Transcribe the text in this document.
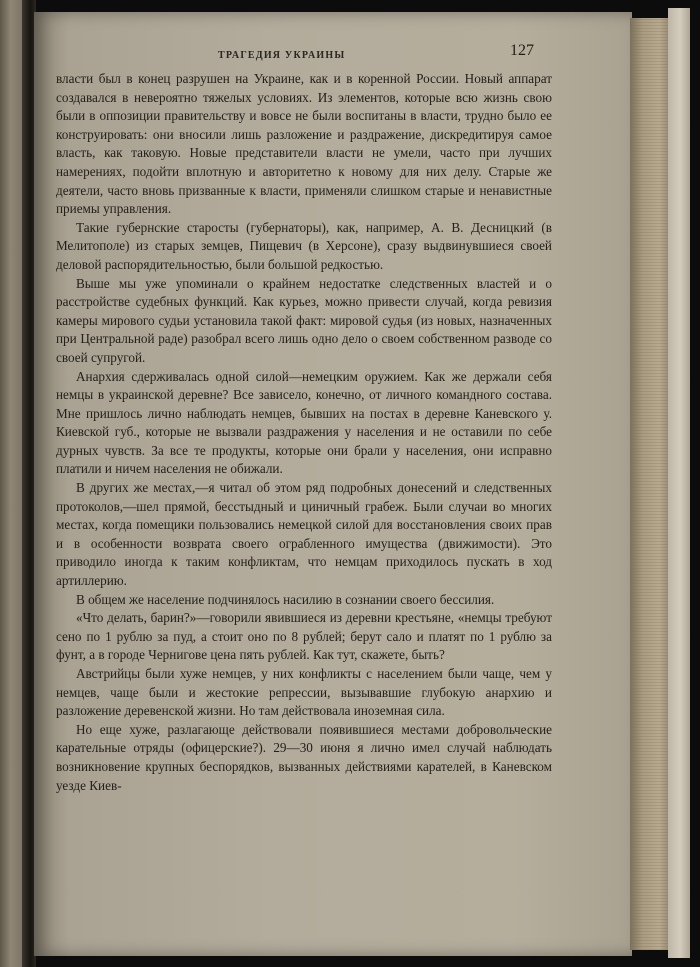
ТРАГЕДИЯ УКРАИНЫ	127

власти был в конец разрушен на Украине, как и в коренной России. Новый аппарат создавался в невероятно тяжелых условиях. Из элементов, которые всю жизнь свою были в оппозиции правительству и вовсе не были воспитаны в власти, трудно было ее конструировать: они вносили лишь разложение и раздражение, дискредитируя самое власть, как таковую. Новые представители власти не умели, часто при лучших намерениях, подойти вплотную и авторитетно к новому для них делу. Старые же деятели, часто вновь призванные к власти, применяли слишком старые и ненавистные приемы управления.

Такие губернские старосты (губернаторы), как, например, А. В. Десницкий (в Мелитополе) из старых земцев, Пищевич (в Херсоне), сразу выдвинувшиеся своей деловой распорядительностью, были большой редкостью.

Выше мы уже упоминали о крайнем недостатке следственных властей и о расстройстве судебных функций. Как курьез, можно привести случай, когда ревизия камеры мирового судьи установила такой факт: мировой судья (из новых, назначенных при Центральной раде) разобрал всего лишь одно дело о своем собственном разводе со своей супругой.

Анархия сдерживалась одной силой—немецким оружием. Как же держали себя немцы в украинской деревне? Все зависело, конечно, от личного командного состава. Мне пришлось лично наблюдать немцев, бывших на постах в деревне Каневского у. Киевской губ., которые не вызвали раздражения у населения и не оставили по себе дурных чувств. За все те продукты, которые они брали у населения, они исправно платили и ничем населения не обижали.

В других же местах,—я читал об этом ряд подробных донесений и следственных протоколов,—шел прямой, бесстыдный и циничный грабеж. Были случаи во многих местах, когда помещики пользовались немецкой силой для восстановления своих прав и в особенности возврата своего ограбленного имущества (движимости). Это приводило иногда к таким конфликтам, что немцам приходилось пускать в ход артиллерию.

В общем же население подчинялось насилию в сознании своего бессилия.

«Что делать, барин?»—говорили явившиеся из деревни крестьяне, «немцы требуют сено по 1 рублю за пуд, а стоит оно по 8 рублей; берут сало и платят по 1 рублю за фунт, а в городе Чернигове цена пять рублей. Как тут, скажете, быть?

Австрийцы были хуже немцев, у них конфликты с населением были чаще, чем у немцев, чаще были и жестокие репрессии, вызывавшие глубокую анархию и разложение деревенской жизни. Но там действовала иноземная сила.

Но еще хуже, разлагающе действовали появившиеся местами добровольческие карательные отряды (офицерские?). 29—30 июня я лично имел случай наблюдать возникновение крупных беспорядков, вызванных действиями карателей, в Каневском уезде Киев-
